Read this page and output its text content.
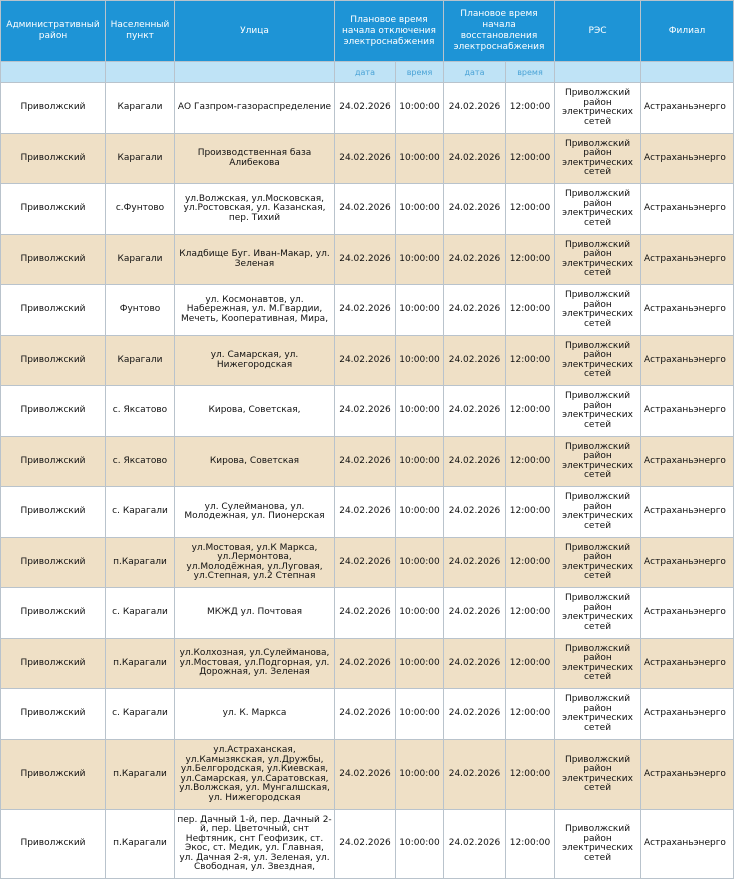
Административный район	Населенный пункт	Улица	Плановое время начала отключения электроснабжения		Плановое время начала восстановления электроснабжения		РЭС	Филиал
			дата	время	дата	время		
Приволжский	Карагали	АО Газпром-газораспределение	24.02.2026	10:00:00	24.02.2026	12:00:00	Приволжский район электрических сетей	Астраханьэнерго
Приволжский	Карагали	Производственная база Алибекова	24.02.2026	10:00:00	24.02.2026	12:00:00	Приволжский район электрических сетей	Астраханьэнерго
Приволжский	с.Фунтово	ул.Волжская, ул.Московская, ул.Ростовская, ул. Казанская, пер. Тихий	24.02.2026	10:00:00	24.02.2026	12:00:00	Приволжский район электрических сетей	Астраханьэнерго
Приволжский	Карагали	Кладбище Буг. Иван-Макар, ул. Зеленая	24.02.2026	10:00:00	24.02.2026	12:00:00	Приволжский район электрических сетей	Астраханьэнерго
Приволжский	Фунтово	ул. Космонавтов, ул. Набережная, ул. М.Гвардии, Мечеть, Кооперативная, Мира,	24.02.2026	10:00:00	24.02.2026	12:00:00	Приволжский район электрических сетей	Астраханьэнерго
Приволжский	Карагали	ул. Самарская, ул. Нижегородская	24.02.2026	10:00:00	24.02.2026	12:00:00	Приволжский район электрических сетей	Астраханьэнерго
Приволжский	с. Яксатово	Кирова, Советская,	24.02.2026	10:00:00	24.02.2026	12:00:00	Приволжский район электрических сетей	Астраханьэнерго
Приволжский	с. Яксатово	Кирова, Советская	24.02.2026	10:00:00	24.02.2026	12:00:00	Приволжский район электрических сетей	Астраханьэнерго
Приволжский	с. Карагали	ул. Сулейманова, ул. Молодежная, ул. Пионерская	24.02.2026	10:00:00	24.02.2026	12:00:00	Приволжский район электрических сетей	Астраханьэнерго
Приволжский	п.Карагали	ул.Мостовая, ул.К Маркса, ул.Лермонтова, ул.Молодёжная, ул.Луговая, ул.Степная, ул.2 Степная	24.02.2026	10:00:00	24.02.2026	12:00:00	Приволжский район электрических сетей	Астраханьэнерго
Приволжский	с. Карагали	МКЖД ул. Почтовая	24.02.2026	10:00:00	24.02.2026	12:00:00	Приволжский район электрических сетей	Астраханьэнерго
Приволжский	п.Карагали	ул.Колхозная, ул.Сулейманова, ул.Мостовая, ул.Подгорная, ул. Дорожная, ул. Зеленая	24.02.2026	10:00:00	24.02.2026	12:00:00	Приволжский район электрических сетей	Астраханьэнерго
Приволжский	с. Карагали	ул. К. Маркса	24.02.2026	10:00:00	24.02.2026	12:00:00	Приволжский район электрических сетей	Астраханьэнерго
Приволжский	п.Карагали	ул.Астраханская, ул.Камызякская, ул.Дружбы, ул.Белгородская, ул.Киевская, ул.Самарская, ул.Саратовская, ул.Волжская, ул. Мунгалшская, ул. Нижегородская	24.02.2026	10:00:00	24.02.2026	12:00:00	Приволжский район электрических сетей	Астраханьэнерго
Приволжский	п.Карагали	пер. Дачный 1-й, пер. Дачный 2-й, пер. Цветочный, снт Нефтяник, снт Геофизик, ст. Экос, ст. Медик, ул. Главная, ул. Дачная 2-я, ул. Зеленая, ул. Свободная, ул. Звездная,	24.02.2026	10:00:00	24.02.2026	12:00:00	Приволжский район электрических сетей	Астраханьэнерго
